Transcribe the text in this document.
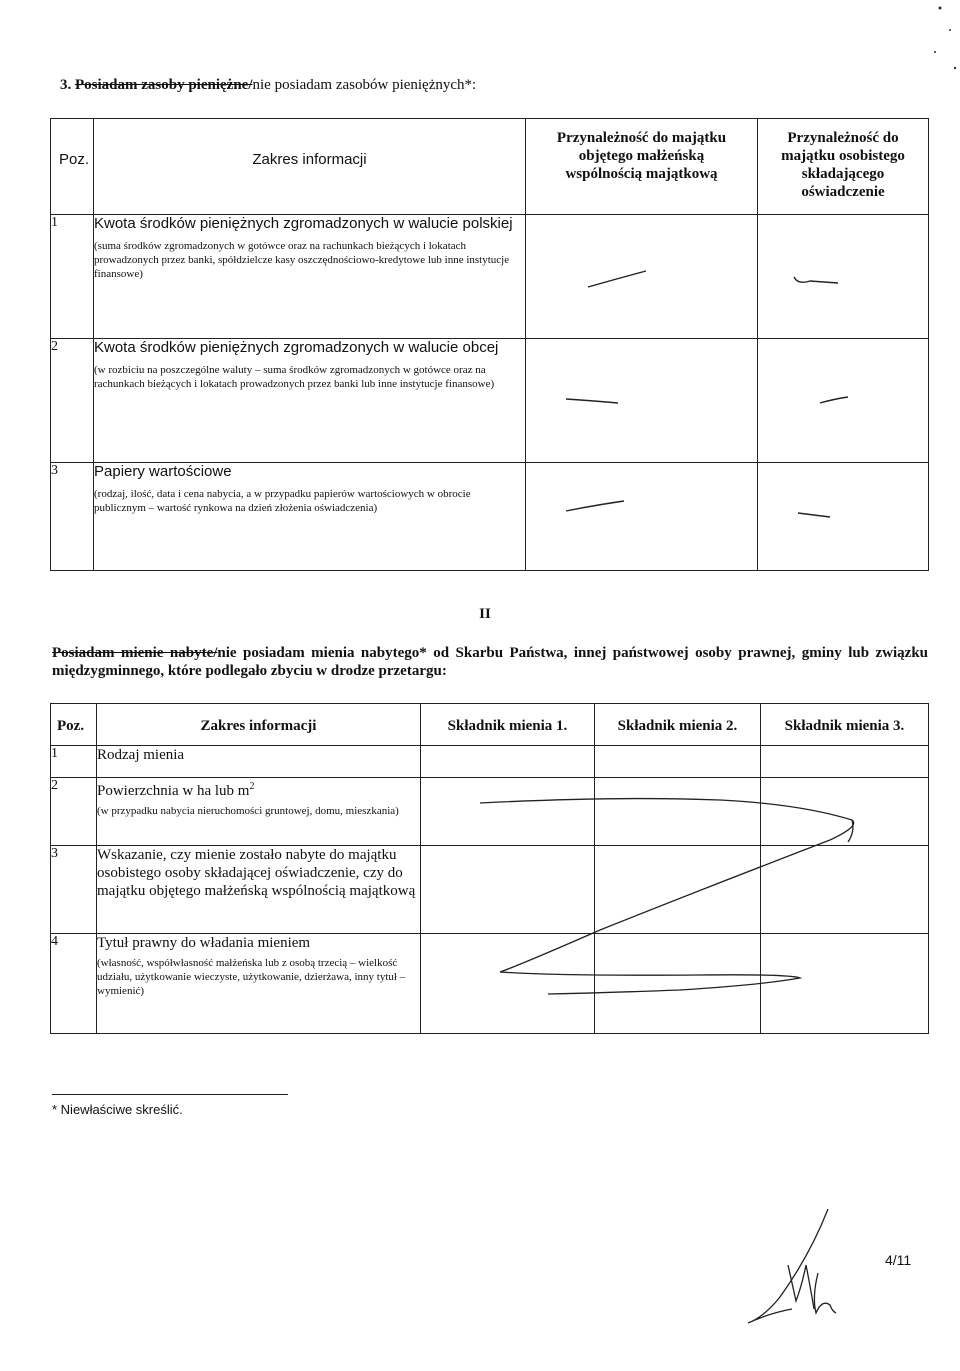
3. Posiadam zasoby pieniężne/nie posiadam zasobów pieniężnych*:
Poz.	Zakres informacji	Przynależność do majątku objętego małżeńską wspólnością majątkową	Przynależność do majątku osobistego składającego oświadczenie
1	Kwota środków pieniężnych zgromadzonych w walucie polskiej
(suma środków zgromadzonych w gotówce oraz na rachunkach bieżących i lokatach prowadzonych przez banki, spółdzielcze kasy oszczędnościowo-kredytowe lub inne instytucje finansowe)

2	Kwota środków pieniężnych zgromadzonych w walucie obcej
(w rozbiciu na poszczególne waluty – suma środków zgromadzonych w gotówce oraz na rachunkach bieżących i lokatach prowadzonych przez banki lub inne instytucje finansowe)

3	Papiery wartościowe
(rodzaj, ilość, data i cena nabycia, a w przypadku papierów wartościowych w obrocie publicznym – wartość rynkowa na dzień złożenia oświadczenia)

II
Posiadam mienie nabyte/nie posiadam mienia nabytego* od Skarbu Państwa, innej państwowej osoby prawnej, gminy lub związku międzygminnego, które podlegało zbyciu w drodze przetargu:
Poz.	Zakres informacji	Składnik mienia 1.	Składnik mienia 2.	Składnik mienia 3.
1	Rodzaj mienia			

2	Powierzchnia w ha lub $m^2$
(w przypadku nabycia nieruchomości gruntowej, domu, mieszkania)			

3	Wskazanie, czy mienie zostało nabyte do majątku osobistego osoby składającej oświadczenie, czy do majątku objętego małżeńską wspólnością majątkową			

4	Tytuł prawny do władania mieniem
(własność, współwłasność małżeńska lub z osobą trzecią – wielkość udziału, użytkowanie wieczyste, użytkowanie, dzierżawa, inny tytuł – wymienić)			

* Niewłaściwe skreślić.
4/11
